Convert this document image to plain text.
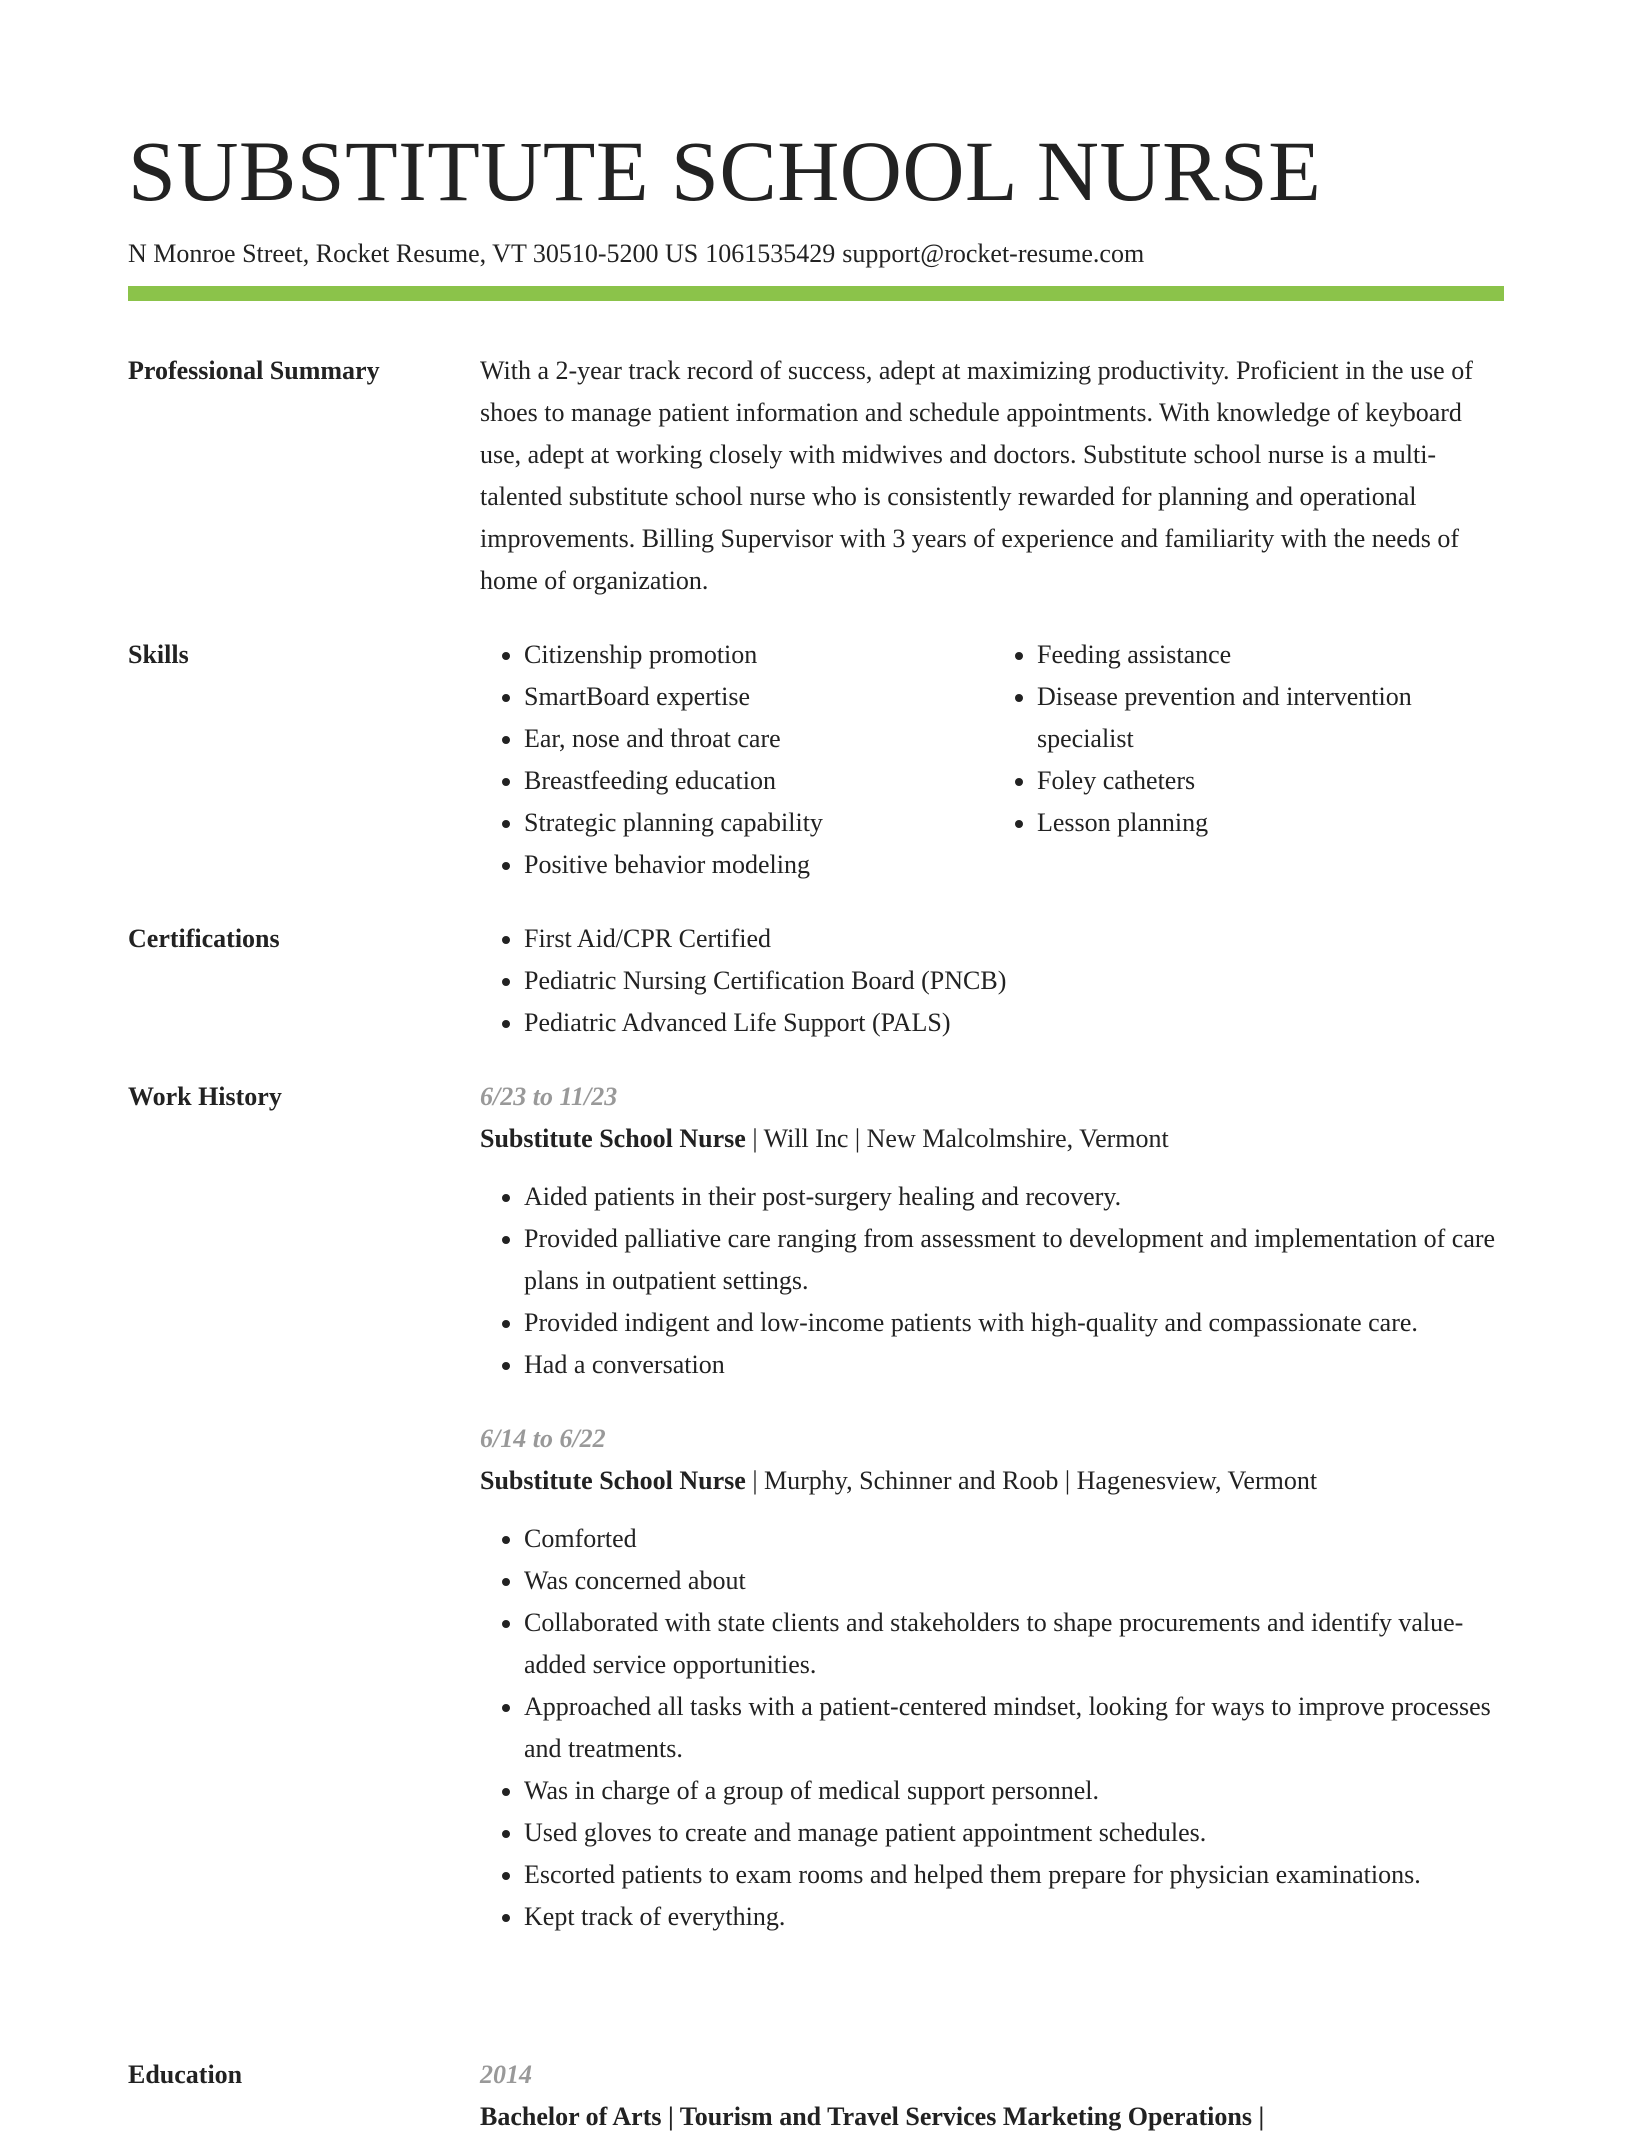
SUBSTITUTE SCHOOL NURSE
N Monroe Street, Rocket Resume, VT 30510-5200 US 1061535429 support@rocket-resume.com
Professional Summary	With a 2-year track record of success, adept at maximizing productivity. Proficient in the use of shoes to manage patient information and schedule appointments. With knowledge of keyboard use, adept at working closely with midwives and doctors. Substitute school nurse is a multi-talented substitute school nurse who is consistently rewarded for planning and operational improvements. Billing Supervisor with 3 years of experience and familiarity with the needs of home of organization.

Skills	• Citizenship promotion
• SmartBoard expertise
• Ear, nose and throat care
• Breastfeeding education
• Strategic planning capability
• Positive behavior modeling
• Feeding assistance
• Disease prevention and intervention specialist
• Foley catheters
• Lesson planning
Certifications	• First Aid/CPR Certified
• Pediatric Nursing Certification Board (PNCB)
• Pediatric Advanced Life Support (PALS)
Work History	6/23 to 11/23
Substitute School Nurse | Will Inc | New Malcolmshire, Vermont
• Aided patients in their post-surgery healing and recovery.
• Provided palliative care ranging from assessment to development and implementation of care plans in outpatient settings.
• Provided indigent and low-income patients with high-quality and compassionate care.
• Had a conversation
6/14 to 6/22
Substitute School Nurse | Murphy, Schinner and Roob | Hagenesview, Vermont
• Comforted
• Was concerned about
• Collaborated with state clients and stakeholders to shape procurements and identify value-added service opportunities.
• Approached all tasks with a patient-centered mindset, looking for ways to improve processes and treatments.
• Was in charge of a group of medical support personnel.
• Used gloves to create and manage patient appointment schedules.
• Escorted patients to exam rooms and helped them prepare for physician examinations.
• Kept track of everything.
Education	2014
Bachelor of Arts | Tourism and Travel Services Marketing Operations |
